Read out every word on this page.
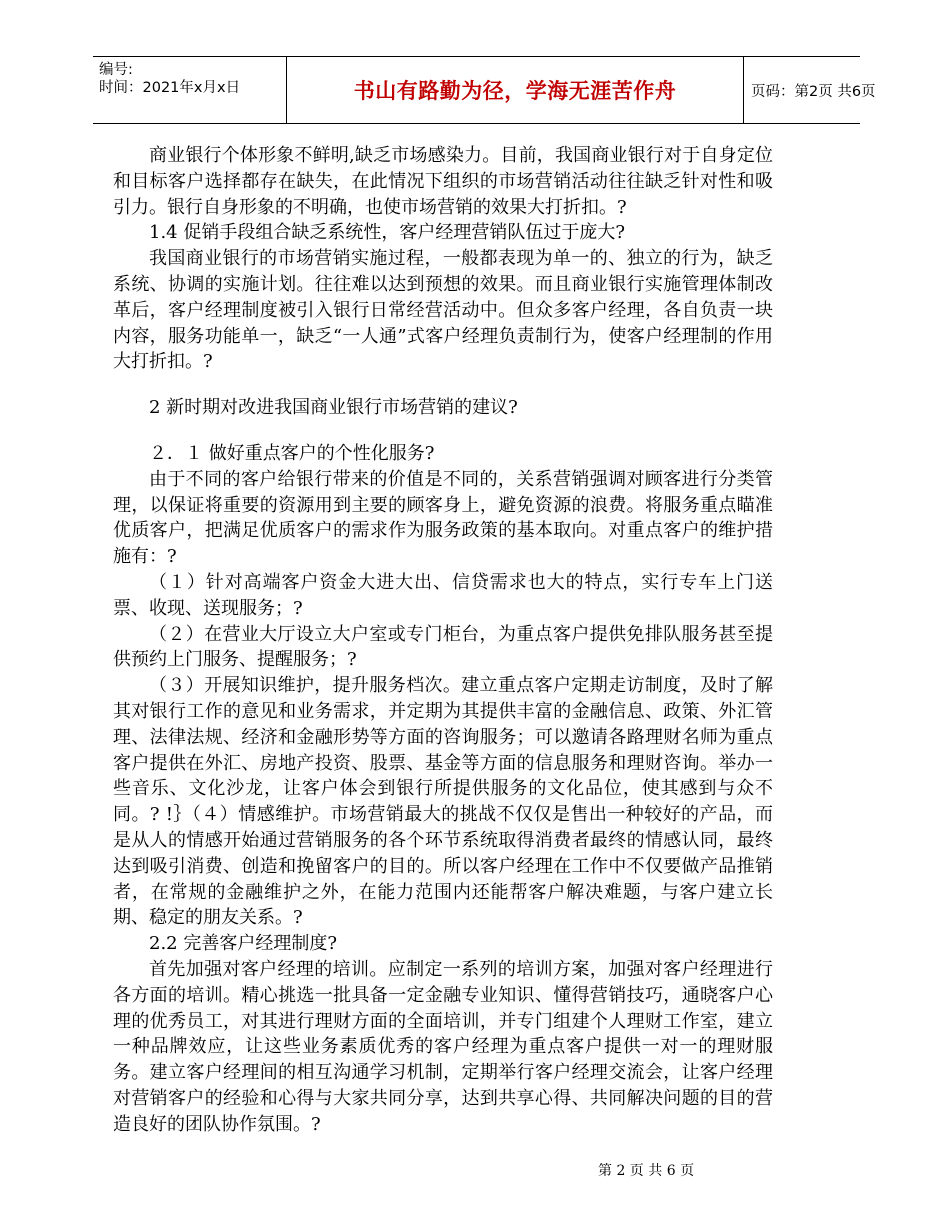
编号:
时间：2021年x月x日	书山有路勤为径，学海无涯苦作舟	页码：第2页 共6页

商业银行个体形象不鲜明,缺乏市场感染力。目前，我国商业银行对于自身定位和目标客户选择都存在缺失，在此情况下组织的市场营销活动往往缺乏针对性和吸引力。银行自身形象的不明确，也使市场营销的效果大打折扣。?

1.4 促销手段组合缺乏系统性，客户经理营销队伍过于庞大?

我国商业银行的市场营销实施过程，一般都表现为单一的、独立的行为，缺乏系统、协调的实施计划。往往难以达到预想的效果。而且商业银行实施管理体制改革后，客户经理制度被引入银行日常经营活动中。但众多客户经理，各自负责一块内容，服务功能单一，缺乏“一人通”式客户经理负责制行为，使客户经理制的作用大打折扣。?

2 新时期对改进我国商业银行市场营销的建议?

２．１ 做好重点客户的个性化服务?

由于不同的客户给银行带来的价值是不同的，关系营销强调对顾客进行分类管理，以保证将重要的资源用到主要的顾客身上，避免资源的浪费。将服务重点瞄准优质客户，把满足优质客户的需求作为服务政策的基本取向。对重点客户的维护措施有：?

（１）针对高端客户资金大进大出、信贷需求也大的特点，实行专车上门送票、收现、送现服务；?

（２）在营业大厅设立大户室或专门柜台，为重点客户提供免排队服务甚至提供预约上门服务、提醒服务；?

（３）开展知识维护，提升服务档次。建立重点客户定期走访制度，及时了解其对银行工作的意见和业务需求，并定期为其提供丰富的金融信息、政策、外汇管理、法律法规、经济和金融形势等方面的咨询服务；可以邀请各路理财名师为重点客户提供在外汇、房地产投资、股票、基金等方面的信息服务和理财咨询。举办一些音乐、文化沙龙，让客户体会到银行所提供服务的文化品位，使其感到与众不同。? !｝（４）情感维护。市场营销最大的挑战不仅仅是售出一种较好的产品，而是从人的情感开始通过营销服务的各个环节系统取得消费者最终的情感认同，最终达到吸引消费、创造和挽留客户的目的。所以客户经理在工作中不仅要做产品推销者，在常规的金融维护之外，在能力范围内还能帮客户解决难题，与客户建立长期、稳定的朋友关系。?

2.2 完善客户经理制度?

首先加强对客户经理的培训。应制定一系列的培训方案，加强对客户经理进行各方面的培训。精心挑选一批具备一定金融专业知识、懂得营销技巧，通晓客户心理的优秀员工，对其进行理财方面的全面培训，并专门组建个人理财工作室，建立一种品牌效应，让这些业务素质优秀的客户经理为重点客户提供一对一的理财服务。建立客户经理间的相互沟通学习机制，定期举行客户经理交流会，让客户经理对营销客户的经验和心得与大家共同分享，达到共享心得、共同解决问题的目的营造良好的团队协作氛围。?

第 2 页 共 6 页
